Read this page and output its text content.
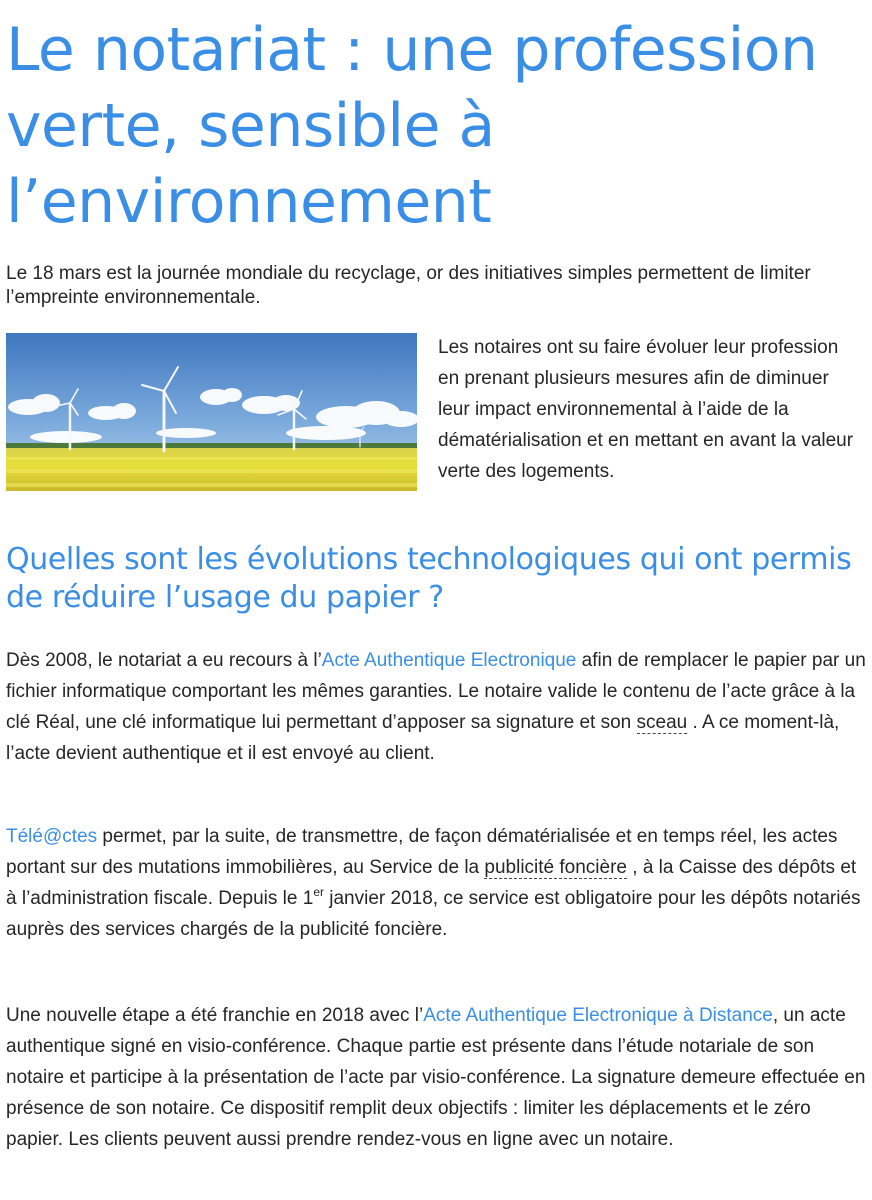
Le notariat : une profession verte, sensible à l’environnement

Le 18 mars est la journée mondiale du recyclage, or des initiatives simples permettent de limiter l’empreinte environnementale.

Les notaires ont su faire évoluer leur profession en prenant plusieurs mesures afin de diminuer leur impact environnemental à l’aide de la dématérialisation et en mettant en avant la valeur verte des logements.

Quelles sont les évolutions technologiques qui ont permis de réduire l’usage du papier ?

Dès 2008, le notariat a eu recours à l’Acte Authentique Electronique afin de remplacer le papier par un fichier informatique comportant les mêmes garanties. Le notaire valide le contenu de l’acte grâce à la clé Réal, une clé informatique lui permettant d’apposer sa signature et son sceau . A ce moment-là, l’acte devient authentique et il est envoyé au client.

Télé@ctes permet, par la suite, de transmettre, de façon dématérialisée et en temps réel, les actes portant sur des mutations immobilières, au Service de la publicité foncière , à la Caisse des dépôts et à l’administration fiscale. Depuis le 1er janvier 2018, ce service est obligatoire pour les dépôts notariés auprès des services chargés de la publicité foncière.

Une nouvelle étape a été franchie en 2018 avec l’Acte Authentique Electronique à Distance, un acte authentique signé en visio-conférence. Chaque partie est présente dans l’étude notariale de son notaire et participe à la présentation de l’acte par visio-conférence. La signature demeure effectuée en présence de son notaire. Ce dispositif remplit deux objectifs : limiter les déplacements et le zéro papier. Les clients peuvent aussi prendre rendez-vous en ligne avec un notaire.
